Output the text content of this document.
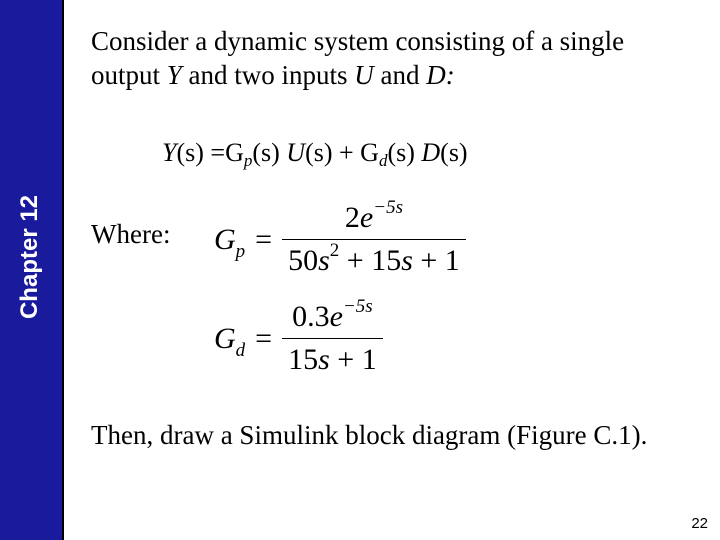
Chapter 12
Consider a dynamic system consisting of a single
output Y and two inputs U and D:
$Y(s) =G_p(s) U(s) + G_d(s)$ D(s)
Where: $G_p = \frac{2e^{-5s}}{50s^2 + 15s + 1}$
$G_d = \frac{0.3e^{-5s}}{15s + 1}$
Then, draw a Simulink block diagram (Figure C.1).
22
